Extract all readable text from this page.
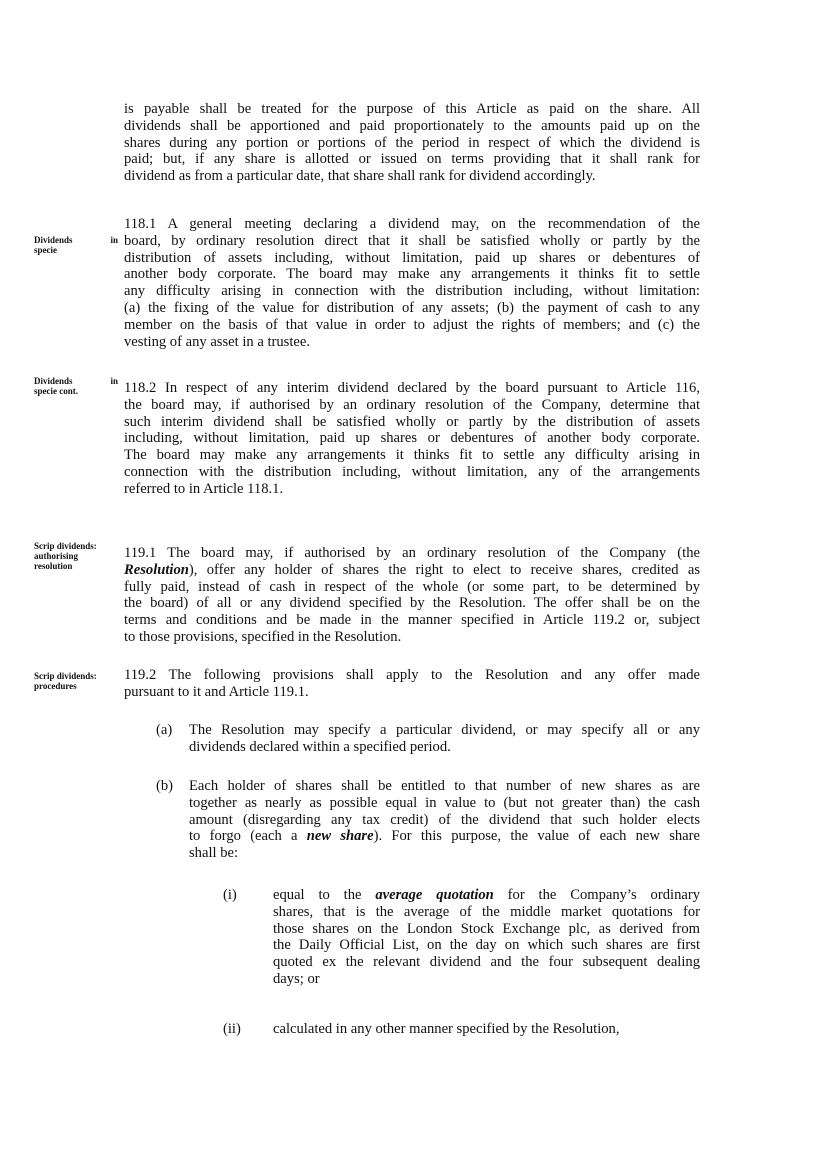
is payable shall be treated for the purpose of this Article as paid on the share. All
dividends shall be apportioned and paid proportionately to the amounts paid up on the
shares during any portion or portions of the period in respect of which the dividend is
paid; but, if any share is allotted or issued on terms providing that it shall rank for
dividend as from a particular date, that share shall rank for dividend accordingly.
Dividends in
specie
118.1 A general meeting declaring a dividend may, on the recommendation of the
board, by ordinary resolution direct that it shall be satisfied wholly or partly by the
distribution of assets including, without limitation, paid up shares or debentures of
another body corporate. The board may make any arrangements it thinks fit to settle
any difficulty arising in connection with the distribution including, without limitation:
(a) the fixing of the value for distribution of any assets; (b) the payment of cash to any
member on the basis of that value in order to adjust the rights of members; and (c) the
vesting of any asset in a trustee.
Dividends in
specie cont.	118.2 In respect of any interim dividend declared by the board pursuant to Article 116,
the board may, if authorised by an ordinary resolution of the Company, determine that
such interim dividend shall be satisfied wholly or partly by the distribution of assets
including, without limitation, paid up shares or debentures of another body corporate.
The board may make any arrangements it thinks fit to settle any difficulty arising in
connection with the distribution including, without limitation, any of the arrangements
referred to in Article 118.1.
Scrip dividends:
authorising
resolution
119.1 The board may, if authorised by an ordinary resolution of the Company (the
Resolution), offer any holder of shares the right to elect to receive shares, credited as
fully paid, instead of cash in respect of the whole (or some part, to be determined by
the board) of all or any dividend specified by the Resolution. The offer shall be on the
terms and conditions and be made in the manner specified in Article 119.2 or, subject
to those provisions, specified in the Resolution.
Scrip dividends:
procedures
119.2 The following provisions shall apply to the Resolution and any offer made
pursuant to it and Article 119.1.
(a) The Resolution may specify a particular dividend, or may specify all or any
dividends declared within a specified period.
(b) Each holder of shares shall be entitled to that number of new shares as are
together as nearly as possible equal in value to (but not greater than) the cash
amount (disregarding any tax credit) of the dividend that such holder elects
to forgo (each a new share). For this purpose, the value of each new share
shall be:
(i) equal to the average quotation for the Company’s ordinary
shares, that is the average of the middle market quotations for
those shares on the London Stock Exchange plc, as derived from
the Daily Official List, on the day on which such shares are first
quoted ex the relevant dividend and the four subsequent dealing
days; or
(ii) calculated in any other manner specified by the Resolution,
